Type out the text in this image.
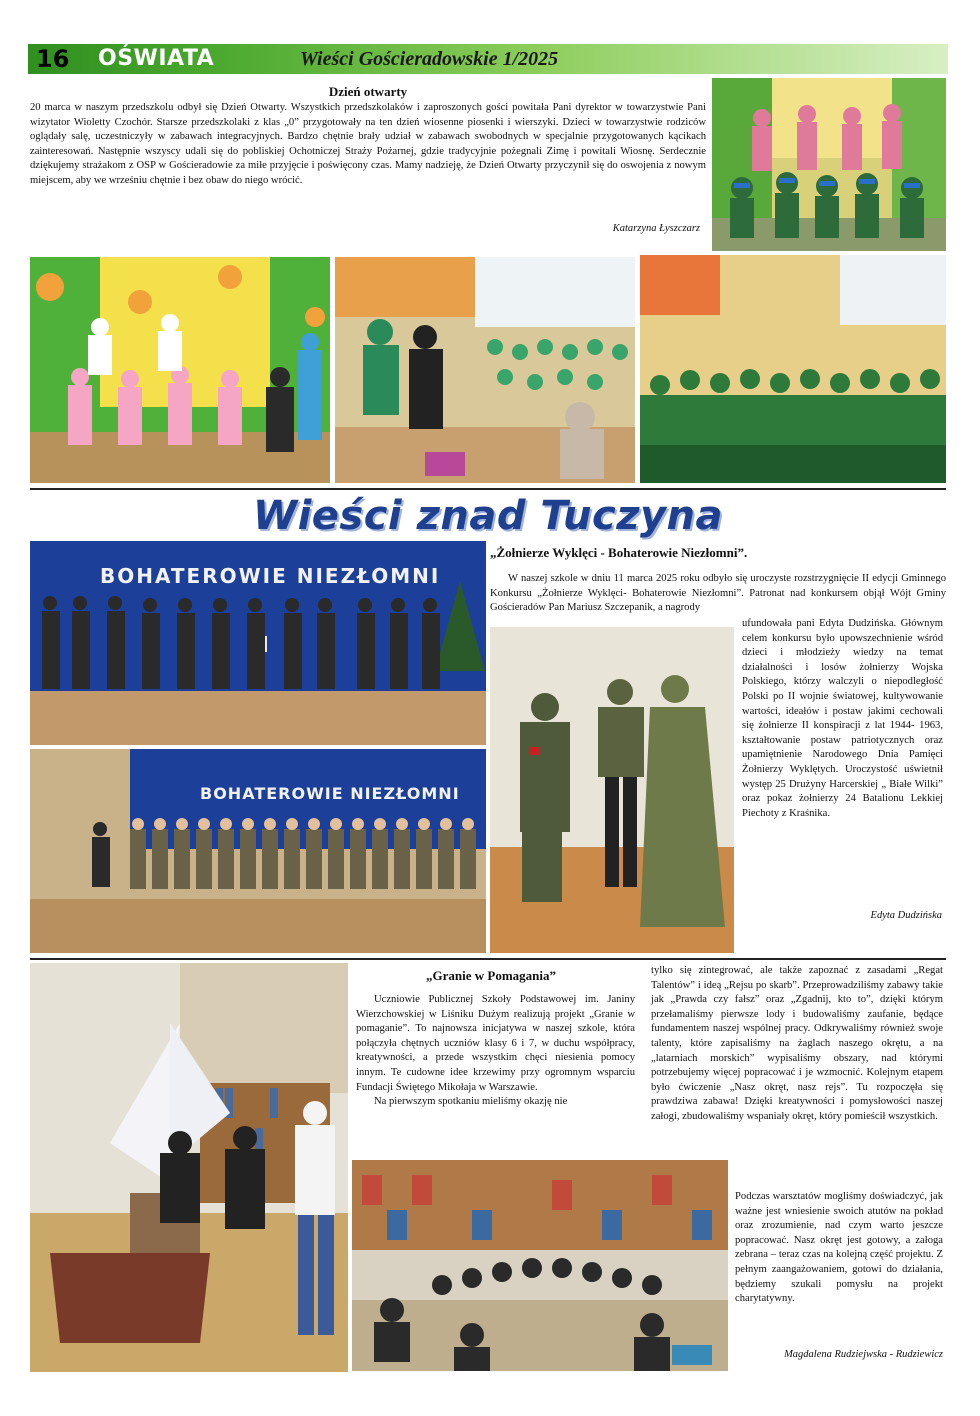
16 OŚWIATA	Wieści Gościeradowskie 1/2025
Dzień otwarty

20 marca w naszym przedszkolu odbył się Dzień Otwarty. Wszystkich przedszkolaków i zaproszonych gości powitała Pani dyrektor w towarzystwie Pani wizytator Wioletty Czochór. Starsze przedszkolaki z klas „0” przygotowały na ten dzień wiosenne piosenki i wierszyki. Dzieci w towarzystwie rodziców oglądały salę, uczestniczyły w zabawach integracyjnych. Bardzo chętnie brały udział w zabawach swobodnych w specjalnie przygotowanych kącikach zainteresowań. Następnie wszyscy udali się do pobliskiej Ochotniczej Straży Pożarnej, gdzie tradycyjnie pożegnali Zimę i powitali Wiosnę. Serdecznie dziękujemy strażakom z OSP w Gościeradowie za miłe przyjęcie i poświęcony czas. Mamy nadzieję, że Dzień Otwarty przyczynił się do oswojenia z nowym miejscem, aby we wrześniu chętnie i bez obaw do niego wrócić.

Katarzyna Łyszczarz
Wieści znad Tuczyna
BOHATEROWIE NIEZŁOMNI
BOHATEROWIE NIEZŁOMNI
„Żołnierze Wyklęci - Bohaterowie Niezłomni”.

W naszej szkole w dniu 11 marca 2025 roku odbyło się uroczyste rozstrzygnięcie II edycji Gminnego Konkursu „Żołnierze Wyklęci- Bohaterowie Niezłomni”. Patronat nad konkursem objął Wójt Gminy Gościeradów Pan Mariusz Szczepanik, a nagrody

ufundowała pani Edyta Dudzińska. Głównym celem konkursu było upowszechnienie wśród dzieci i młodzieży wiedzy na temat działalności i losów żołnierzy Wojska Polskiego, którzy walczyli o niepodległość Polski po II wojnie światowej, kultywowanie wartości, ideałów i postaw jakimi cechowali się żołnierze II konspiracji z lat 1944- 1963, kształtowanie postaw patriotycznych oraz upamiętnienie Narodowego Dnia Pamięci Żołnierzy Wyklętych. Uroczystość uświetnił występ 25 Drużyny Harcerskiej „ Białe Wilki” oraz pokaz żołnierzy 24 Batalionu Lekkiej Piechoty z Kraśnika.

Edyta Dudzińska
„Granie w Pomagania”

Uczniowie Publicznej Szkoły Podstawowej im. Janiny Wierzchowskiej w Liśniku Dużym realizują projekt „Granie w pomaganie”. To najnowsza inicjatywa w naszej szkole, która połączyła chętnych uczniów klasy 6 i 7, w duchu współpracy, kreatywności, a przede wszystkim chęci niesienia pomocy innym. Te cudowne idee krzewimy przy ogromnym wsparciu Fundacji Świętego Mikołaja w Warszawie.

Na pierwszym spotkaniu mieliśmy okazję nie

tylko się zintegrować, ale także zapoznać z zasadami „Regat Talentów” i ideą „Rejsu po skarb”. Przeprowadziliśmy zabawy takie jak „Prawda czy fałsz” oraz „Zgadnij, kto to”, dzięki którym przełamaliśmy pierwsze lody i budowaliśmy zaufanie, będące fundamentem naszej wspólnej pracy. Odkrywaliśmy również swoje talenty, które zapisaliśmy na żaglach naszego okrętu, a na „latarniach morskich” wypisaliśmy obszary, nad którymi potrzebujemy więcej popracować i je wzmocnić. Kolejnym etapem było ćwiczenie „Nasz okręt, nasz rejs”. Tu rozpoczęła się prawdziwa zabawa! Dzięki kreatywności i pomysłowości naszej załogi, zbudowaliśmy wspaniały okręt, który pomieścił wszystkich.

Podczas warsztatów mogliśmy doświadczyć, jak ważne jest wniesienie swoich atutów na pokład oraz zrozumienie, nad czym warto jeszcze popracować. Nasz okręt jest gotowy, a załoga zebrana – teraz czas na kolejną część projektu. Z pełnym zaangażowaniem, gotowi do działania, będziemy szukali pomysłu na projekt charytatywny.

Magdalena Rudziejwska - Rudziewicz
